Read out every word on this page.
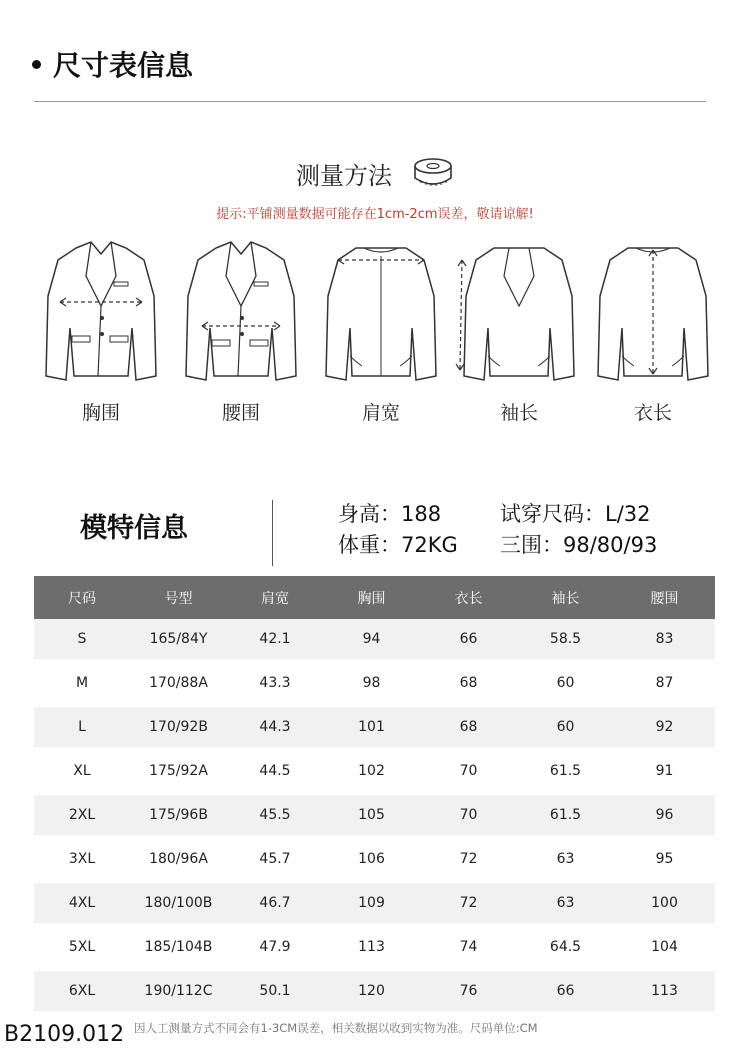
尺寸表信息
测量方法
提示:平铺测量数据可能存在1cm-2cm误差，敬请谅解!
胸围	腰围	肩宽	袖长	衣长
模特信息	身高：188
体重：72KG
试穿尺码：L/32
三围：98/80/93
尺码	号型	肩宽	胸围	衣长	袖长	腰围
S	165/84Y	42.1	94	66	58.5	83
M	170/88A	43.3	98	68	60	87
L	170/92B	44.3	101	68	60	92
XL	175/92A	44.5	102	70	61.5	91
2XL	175/96B	45.5	105	70	61.5	96
3XL	180/96A	45.7	106	72	63	95
4XL	180/100B	46.7	109	72	63	100
5XL	185/104B	47.9	113	74	64.5	104
6XL	190/112C	50.1	120	76	66	113
因人工测量方式不同会有1-3CM误差，相关数据以收到实物为准。尺码单位:CM
B2109.012
